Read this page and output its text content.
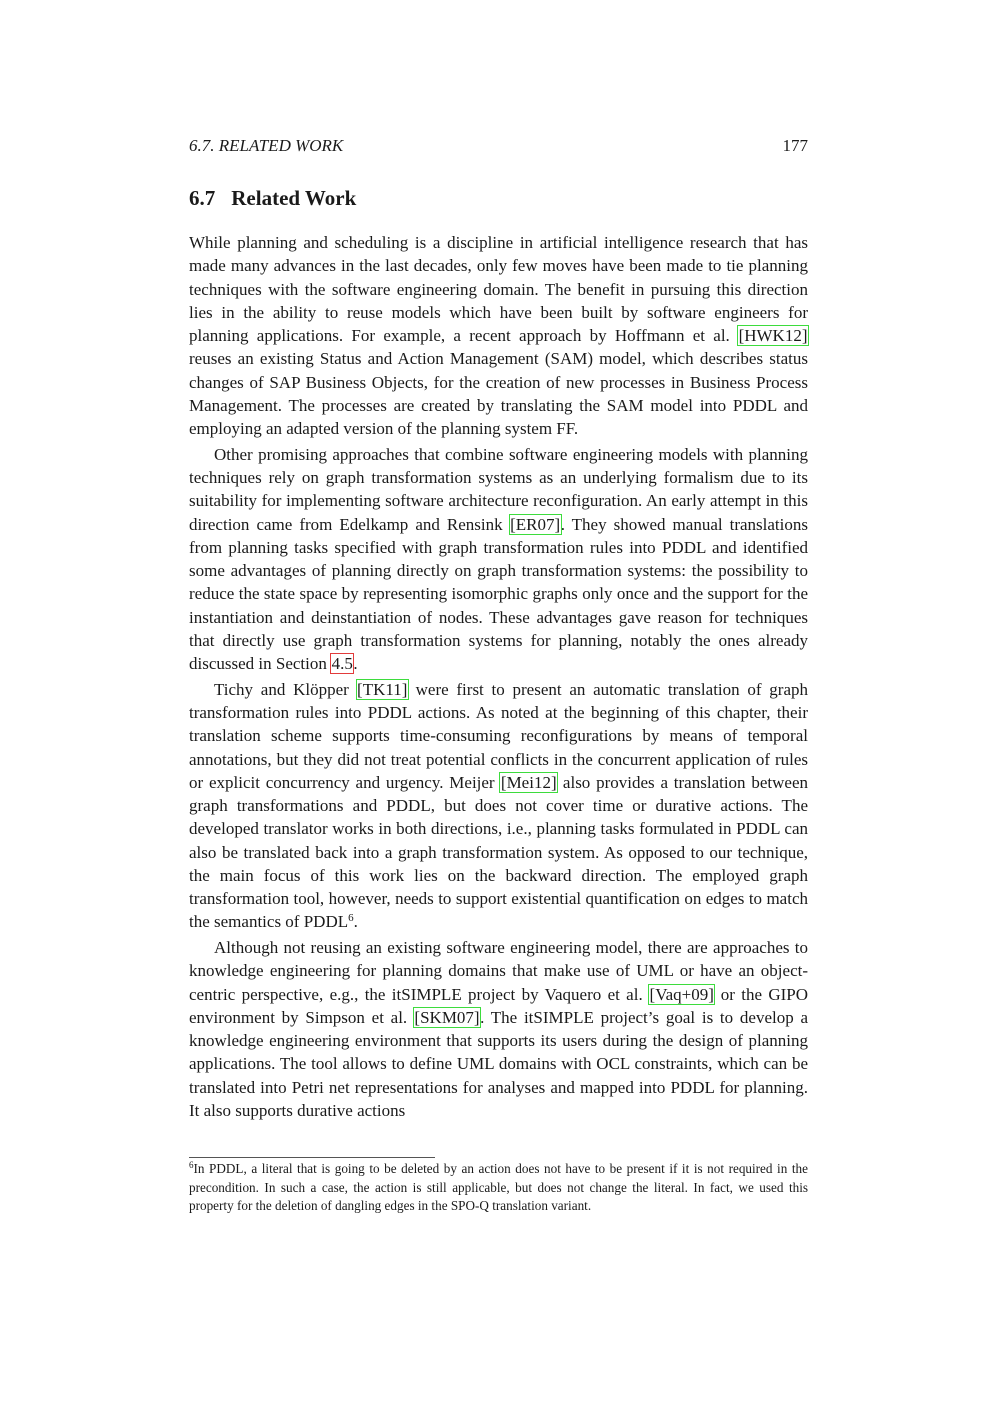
6.7. RELATED WORK	177
6.7 Related Work

While planning and scheduling is a discipline in artificial intelligence research that has made many advances in the last decades, only few moves have been made to tie planning techniques with the software engineering domain. The benefit in pursuing this direction lies in the ability to reuse models which have been built by software engineers for planning applications. For example, a recent approach by Hoffmann et al. [HWK12] reuses an existing Status and Action Management (SAM) model, which describes status changes of SAP Business Objects, for the creation of new processes in Business Process Management. The processes are created by translating the SAM model into PDDL and employing an adapted version of the planning system FF.

Other promising approaches that combine software engineering models with planning techniques rely on graph transformation systems as an underlying formalism due to its suitability for implementing software architecture reconfiguration. An early attempt in this direction came from Edelkamp and Rensink [ER07]. They showed manual translations from planning tasks specified with graph transformation rules into PDDL and identified some advantages of planning directly on graph transformation systems: the possibility to reduce the state space by representing isomorphic graphs only once and the support for the instantiation and deinstantiation of nodes. These advantages gave reason for techniques that directly use graph transformation systems for planning, notably the ones already discussed in Section 4.5.

Tichy and Klöpper [TK11] were first to present an automatic translation of graph transformation rules into PDDL actions. As noted at the beginning of this chapter, their translation scheme supports time-consuming reconfigurations by means of temporal annotations, but they did not treat potential conflicts in the concurrent application of rules or explicit concurrency and urgency. Meijer [Mei12] also provides a translation between graph transformations and PDDL, but does not cover time or durative actions. The developed translator works in both directions, i.e., planning tasks formulated in PDDL can also be translated back into a graph transformation system. As opposed to our technique, the main focus of this work lies on the backward direction. The employed graph transformation tool, however, needs to support existential quantification on edges to match the semantics of PDDL$^6$.

Although not reusing an existing software engineering model, there are approaches to knowledge engineering for planning domains that make use of UML or have an object-centric perspective, e.g., the itSIMPLE project by Vaquero et al. [Vaq+09] or the GIPO environment by Simpson et al. [SKM07]. The itSIMPLE project’s goal is to develop a knowledge engineering environment that supports its users during the design of planning applications. The tool allows to define UML domains with OCL constraints, which can be translated into Petri net representations for analyses and mapped into PDDL for planning. It also supports durative actions

$^6$In PDDL, a literal that is going to be deleted by an action does not have to be present if it is not required in the precondition. In such a case, the action is still applicable, but does not change the literal. In fact, we used this property for the deletion of dangling edges in the SPO-Q translation variant.
